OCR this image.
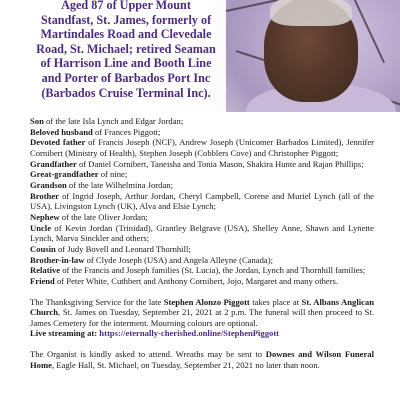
Aged 87 of Upper Mount
Standfast, St. James, formerly of
Martindales Road and Clevedale
Road, St. Michael; retired Seaman
of Harrison Line and Booth Line
and Porter of Barbados Port Inc
(Barbados Cruise Terminal Inc).

Son of the late Isla Lynch and Edgar Jordan;

Beloved husband of Frances Piggott;

Devoted father of Francis Joseph (NCF), Andrew Joseph (Unicomer Barbados Limited), Jennifer Cornibert (Ministry of Health), Stephen Joseph (Cobblers Cove) and Christopher Piggott;

Grandfather of Daniel Cornibert, Taneisha and Tonia Mason, Shakira Hunte and Rajan Phillips;

Great-grandfather of nine;

Grandson of the late Wilhelmina Jordan;

Brother of Ingrid Joseph, Arthur Jordan, Cheryl Campbell, Corene and Muriel Lynch (all of the USA), Livingston Lynch (UK), Alva and Elsie Lynch;

Nephew of the late Oliver Jordan;

Uncle of Kevin Jordan (Trinidad), Grantley Belgrave (USA), Shelley Anne, Shawn and Lynette Lynch, Marva Sinckler and others;

Cousin of Judy Bovell and Leonard Thornhill;

Brother-in-law of Clyde Joseph (USA) and Angela Alleyne (Canada);

Relative of the Francis and Joseph families (St. Lucia), the Jordan, Lynch and Thornhill families;

Friend of Peter White, Cuthbert and Anthony Cornibert, Jojo, Margaret and many others.

The Thanksgiving Service for the late Stephen Alonzo Piggott takes place at St. Albans Anglican Church, St. James on Tuesday, September 21, 2021 at 2 p.m. The funeral will then proceed to St. James Cemetery for the interment. Mourning colours are optional.

Live streaming at: https://eternally-cherished.online/StephenPiggott

The Organist is kindly asked to attend. Wreaths may be sent to Downes and Wilson Funeral Home, Eagle Hall, St. Michael, on Tuesday, September 21, 2021 no later than noon.
